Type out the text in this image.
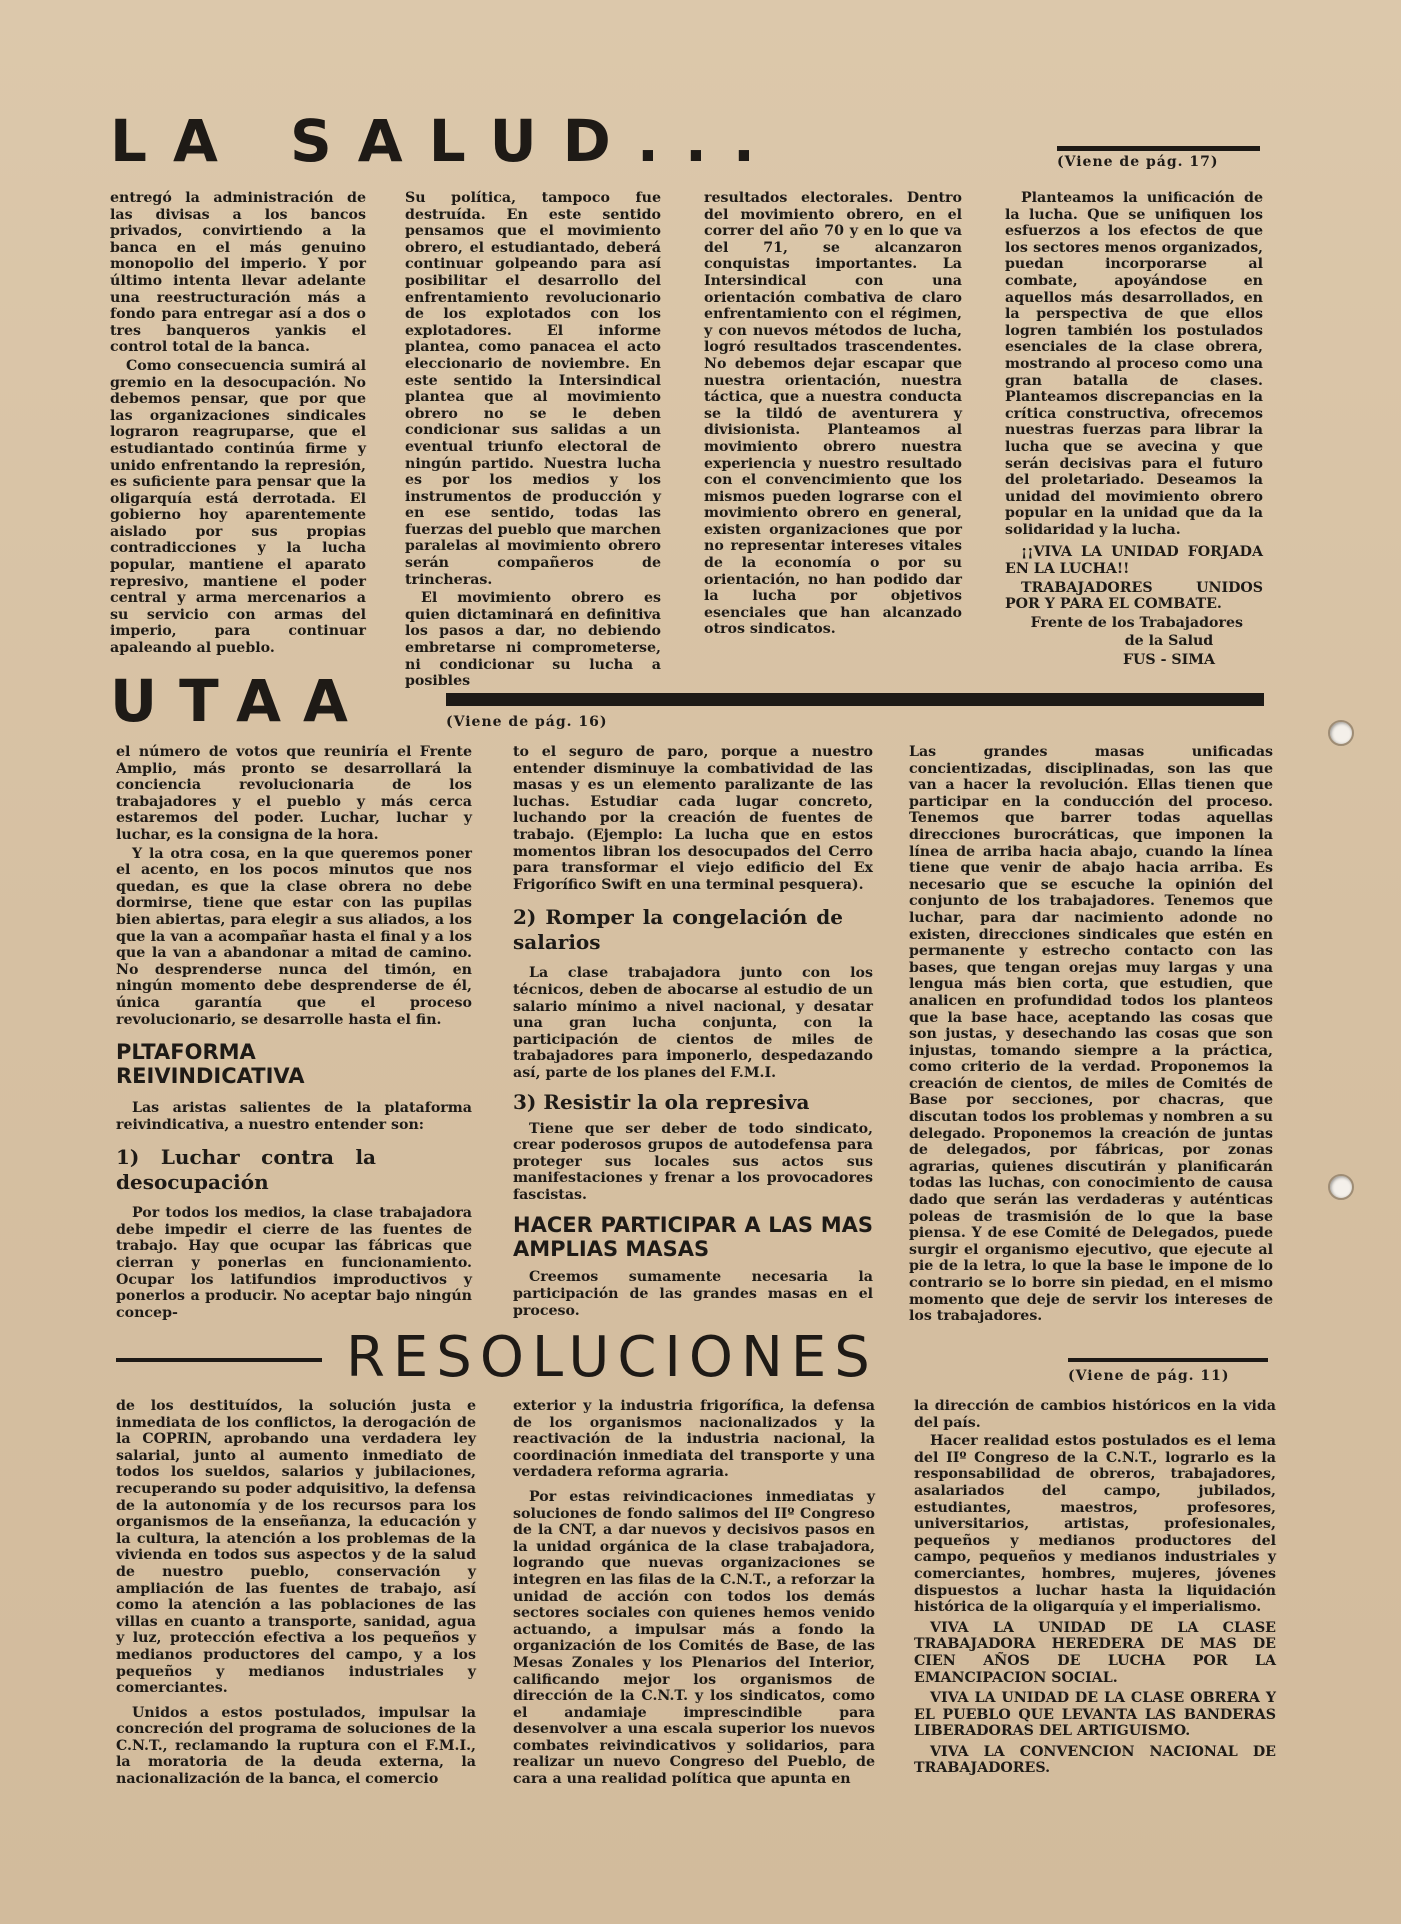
LA SALUD...	(Viene de pág. 17)

entregó la administración de las divisas a los bancos privados, convirtiendo a la banca en el más genuino monopolio del imperio. Y por último intenta llevar adelante una reestructuración más a fondo para entregar así a dos o tres banqueros yankis el control total de la banca.

Como consecuencia sumirá al gremio en la desocupación. No debemos pensar, que por que las organizaciones sindicales lograron reagruparse, que el estudiantado continúa firme y unido enfrentando la represión, es suficiente para pensar que la oligarquía está derrotada. El gobierno hoy aparentemente aislado por sus propias contradicciones y la lucha popular, mantiene el aparato represivo, mantiene el poder central y arma mercenarios a su servicio con armas del imperio, para continuar apaleando al pueblo.

Su política, tampoco fue destruída. En este sentido pensamos que el movimiento obrero, el estudiantado, deberá continuar golpeando para así posibilitar el desarrollo del enfrentamiento revolucionario de los explotados con los explotadores. El informe plantea, como panacea el acto eleccionario de noviembre. En este sentido la Intersindical plantea que al movimiento obrero no se le deben condicionar sus salidas a un eventual triunfo electoral de ningún partido. Nuestra lucha es por los medios y los instrumentos de producción y en ese sentido, todas las fuerzas del pueblo que marchen paralelas al movimiento obrero serán compañeros de trincheras.

El movimiento obrero es quien dictaminará en definitiva los pasos a dar, no debiendo embretarse ni comprometerse, ni condicionar su lucha a posibles

resultados electorales. Dentro del movimiento obrero, en el correr del año 70 y en lo que va del 71, se alcanzaron conquistas importantes. La Intersindical con una orientación combativa de claro enfrentamiento con el régimen, y con nuevos métodos de lucha, logró resultados trascendentes. No debemos dejar escapar que nuestra orientación, nuestra táctica, que a nuestra conducta se la tildó de aventurera y divisionista. Planteamos al movimiento obrero nuestra experiencia y nuestro resultado con el convencimiento que los mismos pueden lograrse con el movimiento obrero en general, existen organizaciones que por no representar intereses vitales de la economía o por su orientación, no han podido dar la lucha por objetivos esenciales que han alcanzado otros sindicatos.

Planteamos la unificación de la lucha. Que se unifiquen los esfuerzos a los efectos de que los sectores menos organizados, puedan incorporarse al combate, apoyándose en aquellos más desarrollados, en la perspectiva de que ellos logren también los postulados esenciales de la clase obrera, mostrando al proceso como una gran batalla de clases. Planteamos discrepancias en la crítica constructiva, ofrecemos nuestras fuerzas para librar la lucha que se avecina y que serán decisivas para el futuro del proletariado. Deseamos la unidad del movimiento obrero popular en la unidad que da la solidaridad y la lucha.

¡¡VIVA LA UNIDAD FORJADA EN LA LUCHA!!

TRABAJADORES UNIDOS POR Y PARA EL COMBATE.

Frente de los Trabajadores

de la Salud

FUS - SIMA

UTAA	(Viene de pág. 16)

el número de votos que reuniría el Frente Amplio, más pronto se desarrollará la conciencia revolucionaria de los trabajadores y el pueblo y más cerca estaremos del poder. Luchar, luchar y luchar, es la consigna de la hora.

Y la otra cosa, en la que queremos poner el acento, en los pocos minutos que nos quedan, es que la clase obrera no debe dormirse, tiene que estar con las pupilas bien abiertas, para elegir a sus aliados, a los que la van a acompañar hasta el final y a los que la van a abandonar a mitad de camino. No desprenderse nunca del timón, en ningún momento debe desprenderse de él, única garantía que el proceso revolucionario, se desarrolle hasta el fin.

PLTAFORMA REIVINDICATIVA

Las aristas salientes de la plataforma reivindicativa, a nuestro entender son:

1) Luchar contra la desocupación

Por todos los medios, la clase trabajadora debe impedir el cierre de las fuentes de trabajo. Hay que ocupar las fábricas que cierran y ponerlas en funcionamiento. Ocupar los latifundios improductivos y ponerlos a producir. No aceptar bajo ningún concep-

to el seguro de paro, porque a nuestro entender disminuye la combatividad de las masas y es un elemento paralizante de las luchas. Estudiar cada lugar concreto, luchando por la creación de fuentes de trabajo. (Ejemplo: La lucha que en estos momentos libran los desocupados del Cerro para transformar el viejo edificio del Ex Frigorífico Swift en una terminal pesquera).

2) Romper la congelación de salarios

La clase trabajadora junto con los técnicos, deben de abocarse al estudio de un salario mínimo a nivel nacional, y desatar una gran lucha conjunta, con la participación de cientos de miles de trabajadores para imponerlo, despedazando así, parte de los planes del F.M.I.

3) Resistir la ola represiva

Tiene que ser deber de todo sindicato, crear poderosos grupos de autodefensa para proteger sus locales sus actos sus manifestaciones y frenar a los provocadores fascistas.

HACER PARTICIPAR A LAS MAS AMPLIAS MASAS

Creemos sumamente necesaria la participación de las grandes masas en el proceso.

Las grandes masas unificadas concientizadas, disciplinadas, son las que van a hacer la revolución. Ellas tienen que participar en la conducción del proceso. Tenemos que barrer todas aquellas direcciones burocráticas, que imponen la línea de arriba hacia abajo, cuando la línea tiene que venir de abajo hacia arriba. Es necesario que se escuche la opinión del conjunto de los trabajadores. Tenemos que luchar, para dar nacimiento adonde no existen, direcciones sindicales que estén en permanente y estrecho contacto con las bases, que tengan orejas muy largas y una lengua más bien corta, que estudien, que analicen en profundidad todos los planteos que la base hace, aceptando las cosas que son justas, y desechando las cosas que son injustas, tomando siempre a la práctica, como criterio de la verdad. Proponemos la creación de cientos, de miles de Comités de Base por secciones, por chacras, que discutan todos los problemas y nombren a su delegado. Proponemos la creación de juntas de delegados, por fábricas, por zonas agrarias, quienes discutirán y planificarán todas las luchas, con conocimiento de causa dado que serán las verdaderas y auténticas poleas de trasmisión de lo que la base piensa. Y de ese Comité de Delegados, puede surgir el organismo ejecutivo, que ejecute al pie de la letra, lo que la base le impone de lo contrario se lo borre sin piedad, en el mismo momento que deje de servir los intereses de los trabajadores.

RESOLUCIONES	(Viene de pág. 11)

de los destituídos, la solución justa e inmediata de los conflictos, la derogación de la COPRIN, aprobando una verdadera ley salarial, junto al aumento inmediato de todos los sueldos, salarios y jubilaciones, recuperando su poder adquisitivo, la defensa de la autonomía y de los recursos para los organismos de la enseñanza, la educación y la cultura, la atención a los problemas de la vivienda en todos sus aspectos y de la salud de nuestro pueblo, conservación y ampliación de las fuentes de trabajo, así como la atención a las poblaciones de las villas en cuanto a transporte, sanidad, agua y luz, protección efectiva a los pequeños y medianos productores del campo, y a los pequeños y medianos industriales y comerciantes.

Unidos a estos postulados, impulsar la concreción del programa de soluciones de la C.N.T., reclamando la ruptura con el F.M.I., la moratoria de la deuda externa, la nacionalización de la banca, el comercio

exterior y la industria frigorífica, la defensa de los organismos nacionalizados y la reactivación de la industria nacional, la coordinación inmediata del transporte y una verdadera reforma agraria.

Por estas reivindicaciones inmediatas y soluciones de fondo salimos del IIº Congreso de la CNT, a dar nuevos y decisivos pasos en la unidad orgánica de la clase trabajadora, logrando que nuevas organizaciones se integren en las filas de la C.N.T., a reforzar la unidad de acción con todos los demás sectores sociales con quienes hemos venido actuando, a impulsar más a fondo la organización de los Comités de Base, de las Mesas Zonales y los Plenarios del Interior, calificando mejor los organismos de dirección de la C.N.T. y los sindicatos, como el andamiaje imprescindible para desenvolver a una escala superior los nuevos combates reivindicativos y solidarios, para realizar un nuevo Congreso del Pueblo, de cara a una realidad política que apunta en

la dirección de cambios históricos en la vida del país.

Hacer realidad estos postulados es el lema del IIº Congreso de la C.N.T., lograrlo es la responsabilidad de obreros, trabajadores, asalariados del campo, jubilados, estudiantes, maestros, profesores, universitarios, artistas, profesionales, pequeños y medianos productores del campo, pequeños y medianos industriales y comerciantes, hombres, mujeres, jóvenes dispuestos a luchar hasta la liquidación histórica de la oligarquía y el imperialismo.

VIVA LA UNIDAD DE LA CLASE TRABAJADORA HEREDERA DE MAS DE CIEN AÑOS DE LUCHA POR LA EMANCIPACION SOCIAL.

VIVA LA UNIDAD DE LA CLASE OBRERA Y EL PUEBLO QUE LEVANTA LAS BANDERAS LIBERADORAS DEL ARTIGUISMO.

VIVA LA CONVENCION NACIONAL DE TRABAJADORES.
